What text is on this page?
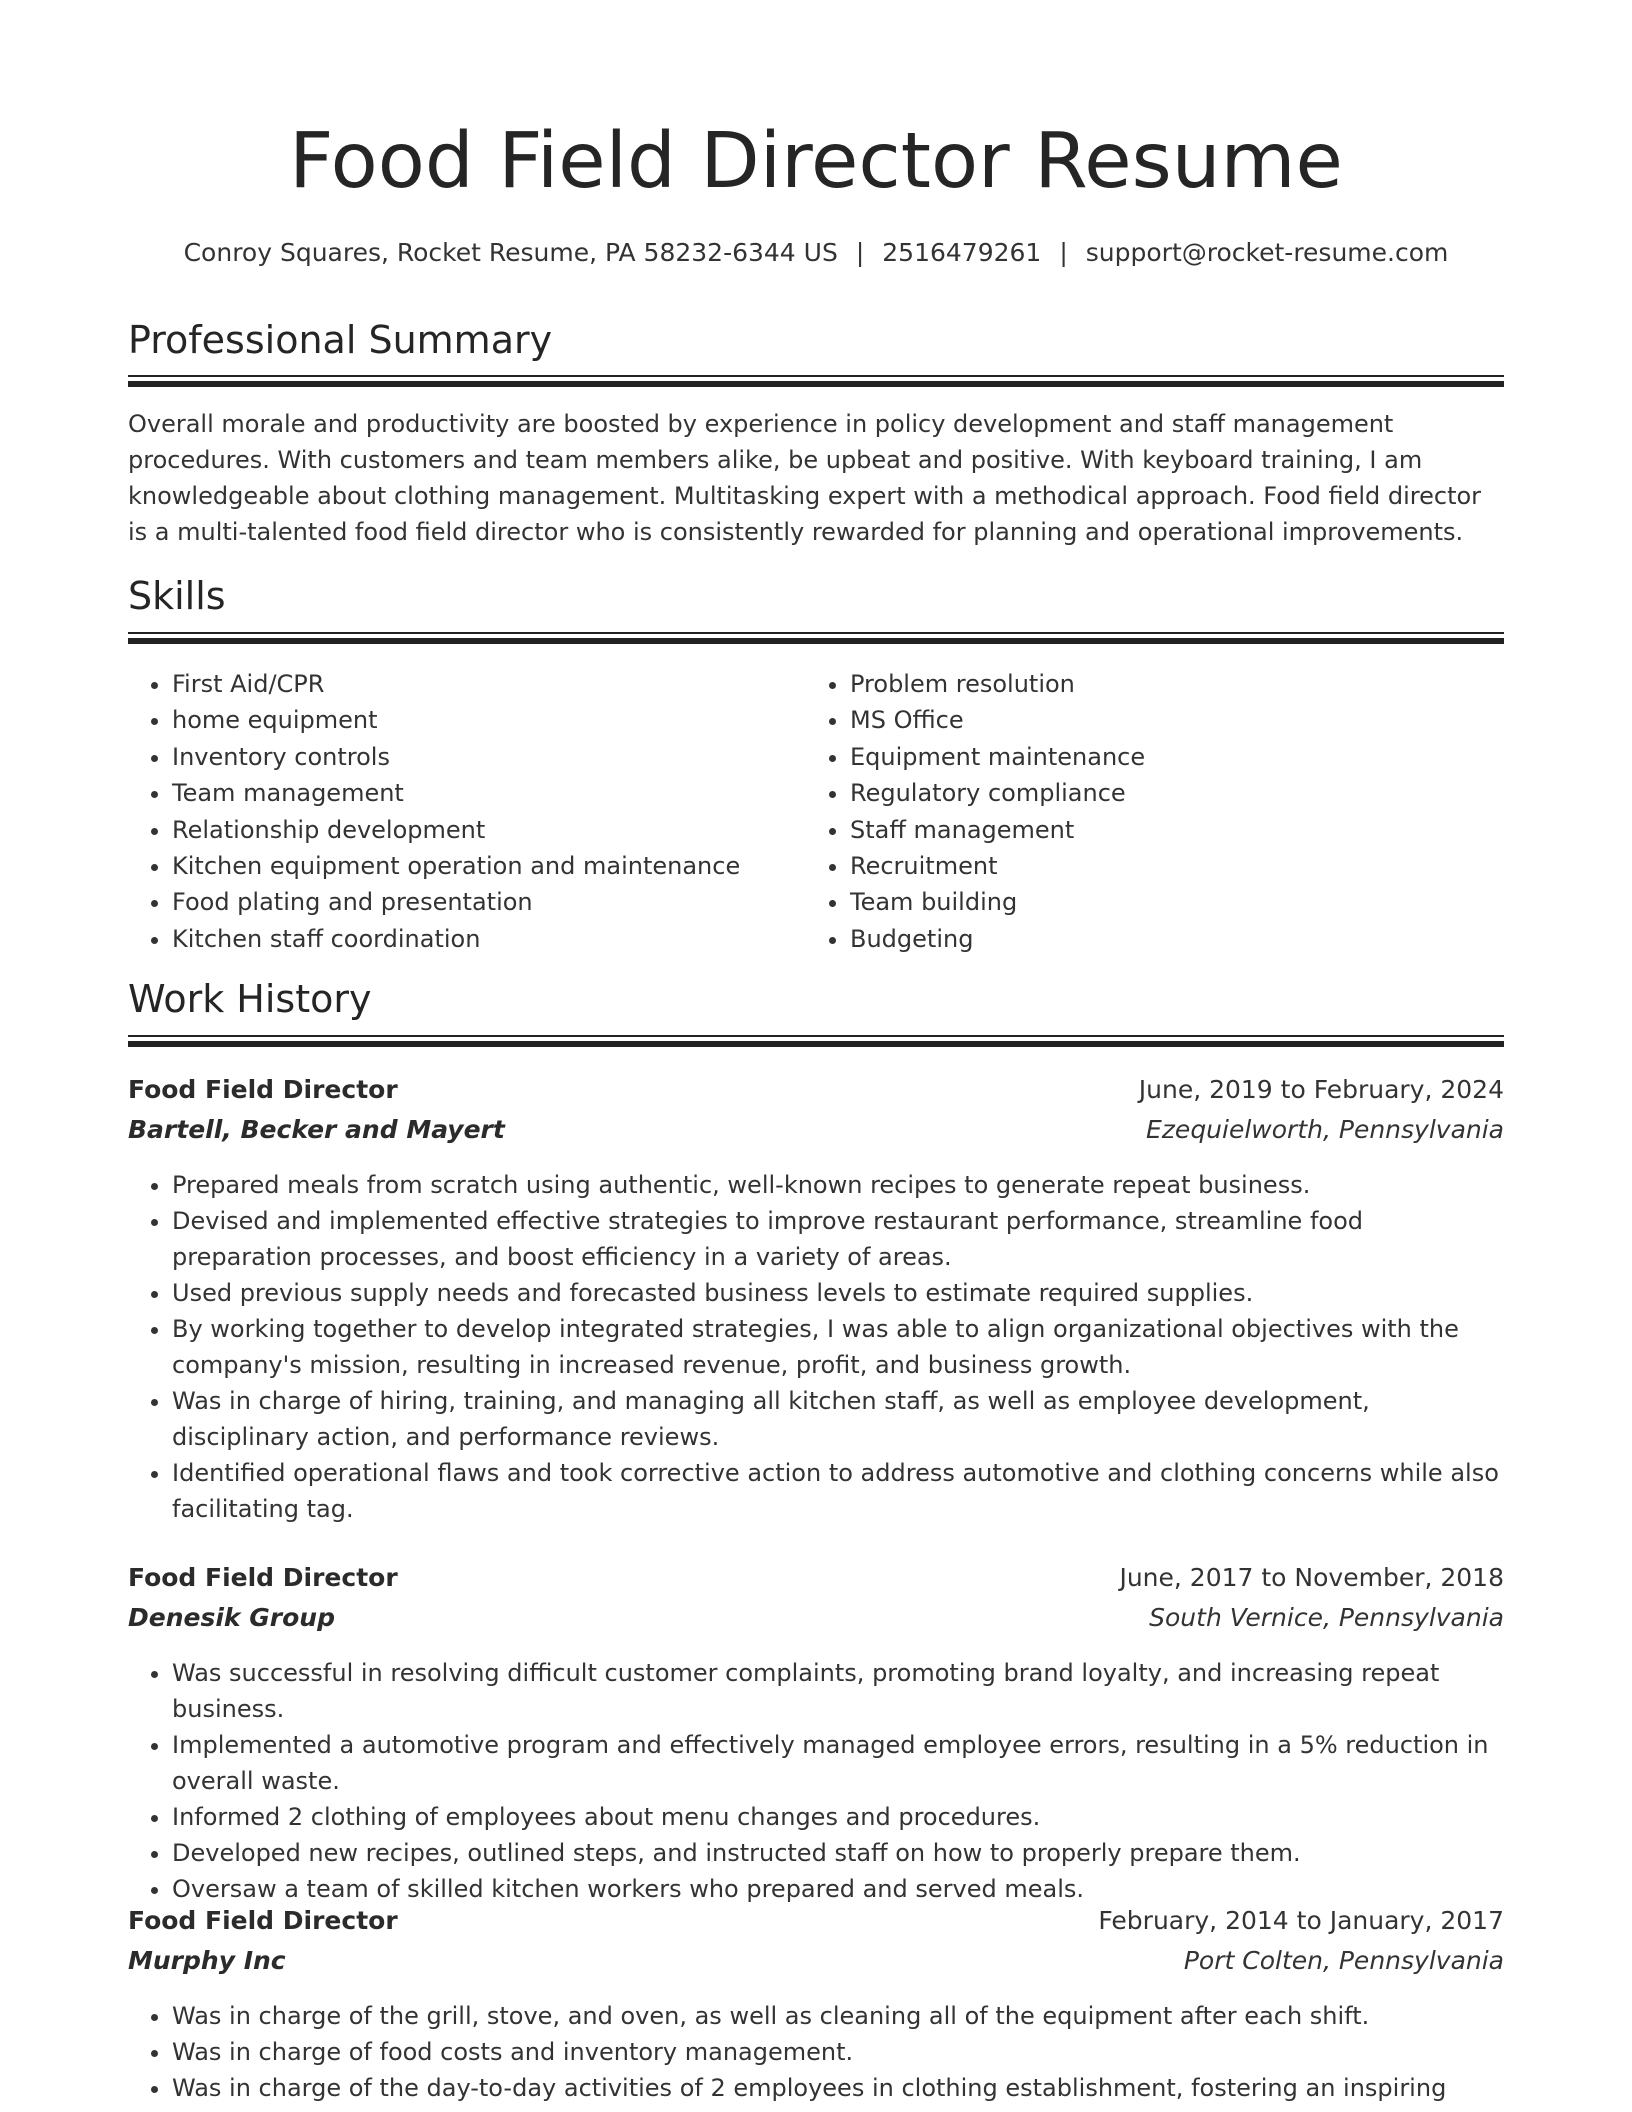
Food Field Director Resume
Conroy Squares, Rocket Resume, PA 58232-6344 US | 2516479261 | support@rocket-resume.com
Professional Summary

Overall morale and productivity are boosted by experience in policy development and staff management procedures. With customers and team members alike, be upbeat and positive. With keyboard training, I am knowledgeable about clothing management. Multitasking expert with a methodical approach. Food field director is a multi-talented food field director who is consistently rewarded for planning and operational improvements.

Skills
• First Aid/CPR
• home equipment
• Inventory controls
• Team management
• Relationship development
• Kitchen equipment operation and maintenance
• Food plating and presentation
• Kitchen staff coordination
• Problem resolution
• MS Office
• Equipment maintenance
• Regulatory compliance
• Staff management
• Recruitment
• Team building
• Budgeting
Work History
Food Field Director	June, 2019 to February, 2024
Bartell, Becker and Mayert	Ezequielworth, Pennsylvania
• Prepared meals from scratch using authentic, well-known recipes to generate repeat business.
• Devised and implemented effective strategies to improve restaurant performance, streamline food preparation processes, and boost efficiency in a variety of areas.
• Used previous supply needs and forecasted business levels to estimate required supplies.
• By working together to develop integrated strategies, I was able to align organizational objectives with the company's mission, resulting in increased revenue, profit, and business growth.
• Was in charge of hiring, training, and managing all kitchen staff, as well as employee development, disciplinary action, and performance reviews.
• Identified operational flaws and took corrective action to address automotive and clothing concerns while also facilitating tag.
Food Field Director	June, 2017 to November, 2018
Denesik Group	South Vernice, Pennsylvania
• Was successful in resolving difficult customer complaints, promoting brand loyalty, and increasing repeat business.
• Implemented a automotive program and effectively managed employee errors, resulting in a 5% reduction in overall waste.
• Informed 2 clothing of employees about menu changes and procedures.
• Developed new recipes, outlined steps, and instructed staff on how to properly prepare them.
• Oversaw a team of skilled kitchen workers who prepared and served meals.
Food Field Director	February, 2014 to January, 2017
Murphy Inc	Port Colten, Pennsylvania
• Was in charge of the grill, stove, and oven, as well as cleaning all of the equipment after each shift.
• Was in charge of food costs and inventory management.
• Was in charge of the day-to-day activities of 2 employees in clothing establishment, fostering an inspiring
